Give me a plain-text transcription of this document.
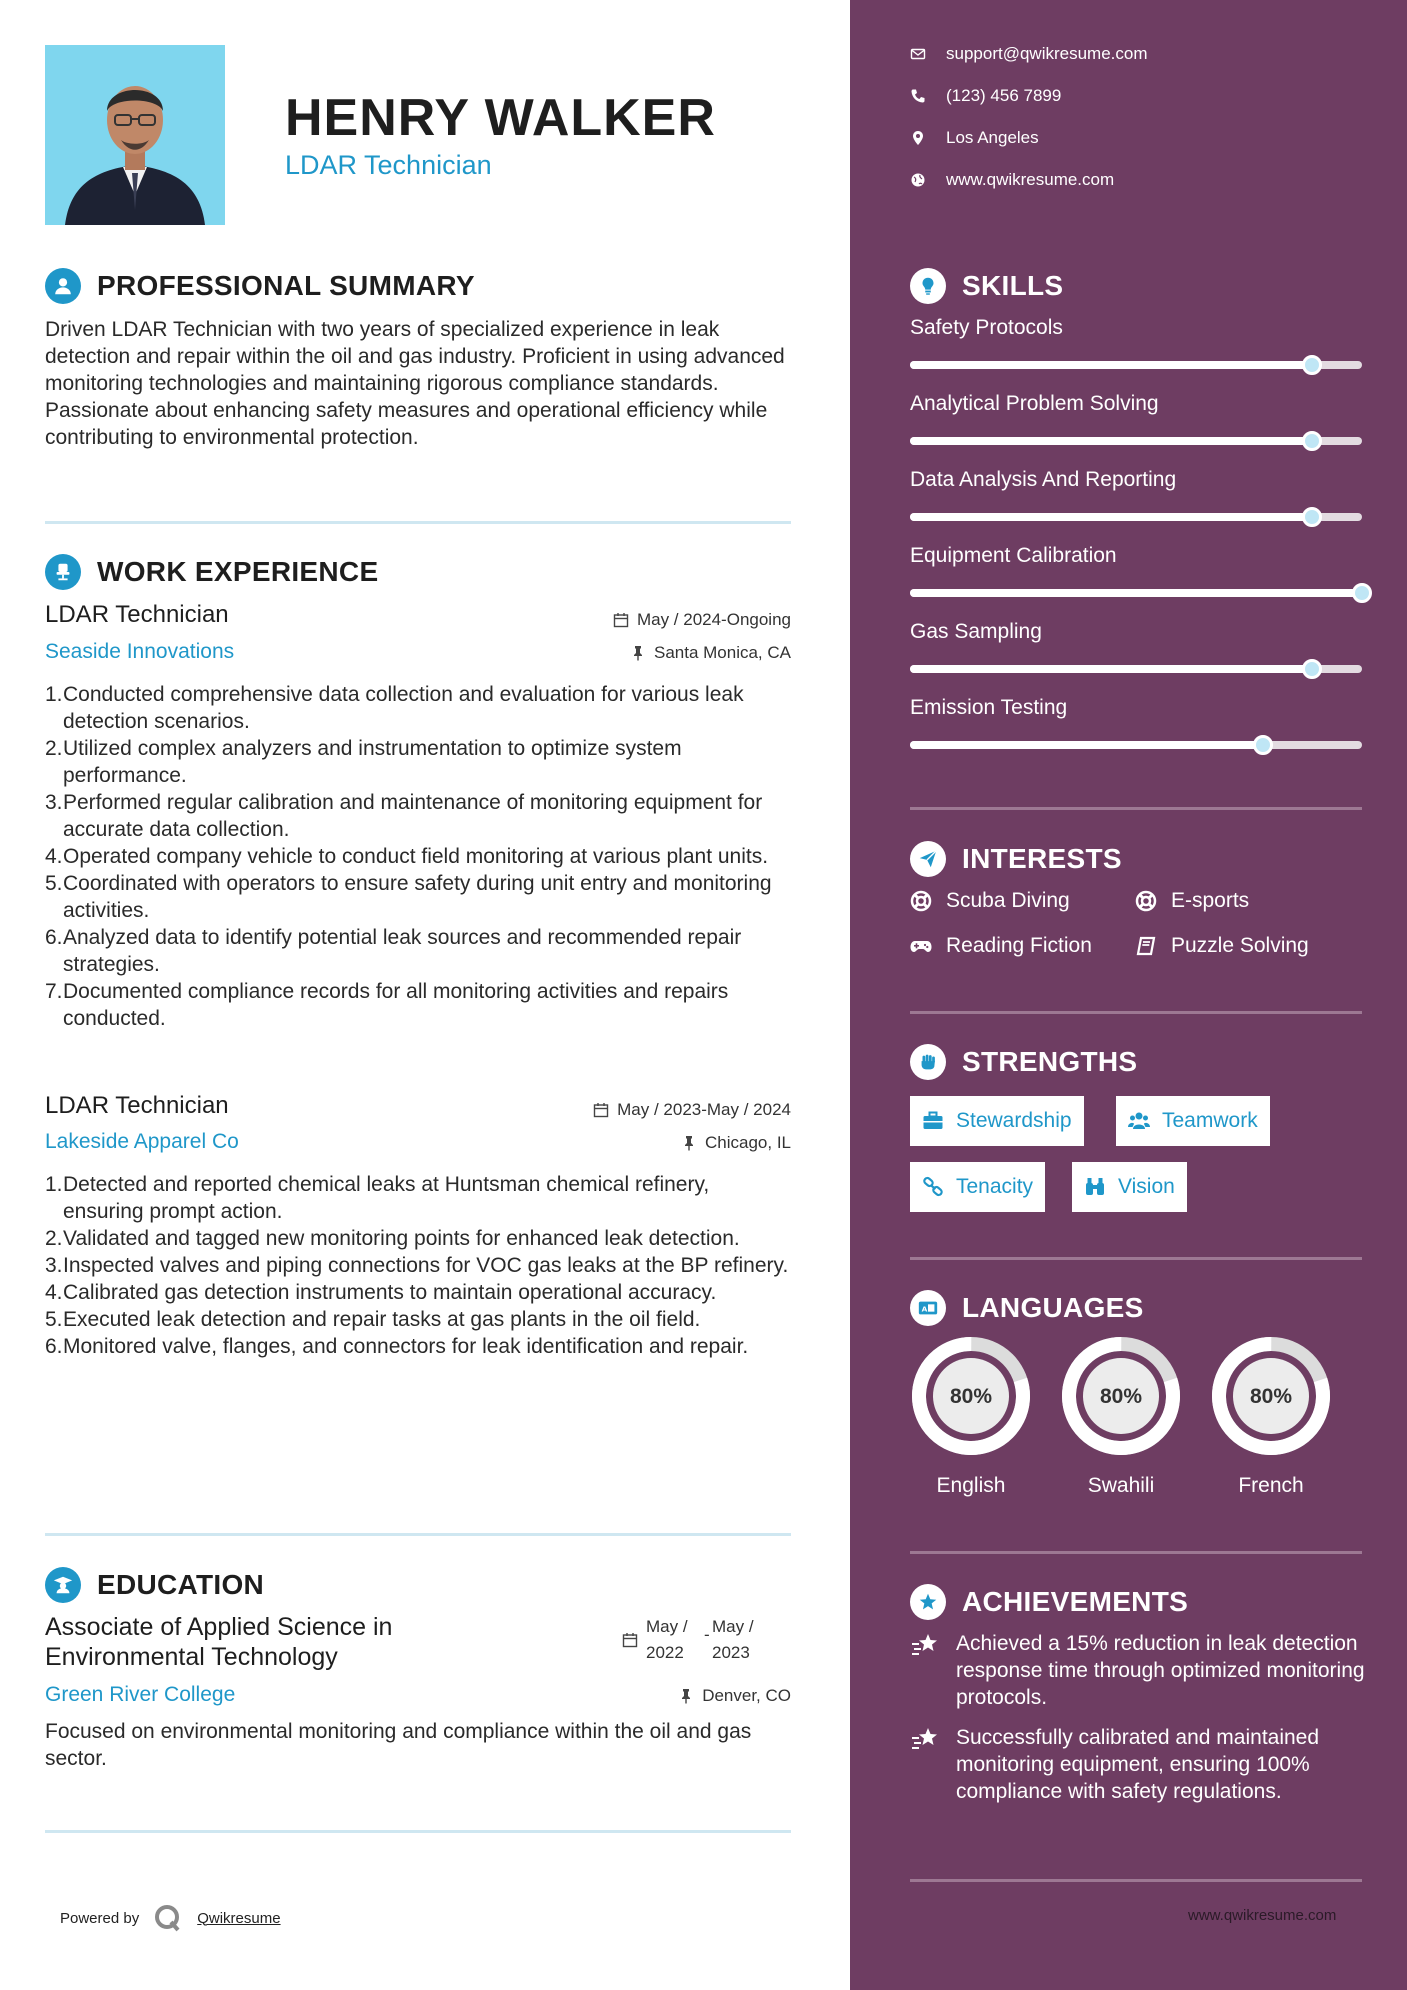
HENRY WALKER
LDAR Technician
PROFESSIONAL SUMMARY
Driven LDAR Technician with two years of specialized experience in leak detection and repair within the oil and gas industry. Proficient in using advanced monitoring technologies and maintaining rigorous compliance standards. Passionate about enhancing safety measures and operational efficiency while contributing to environmental protection.
WORK EXPERIENCE
LDAR Technician	May / 2024-Ongoing
Seaside Innovations	Santa Monica, CA
1. Conducted comprehensive data collection and evaluation for various leak detection scenarios.
2. Utilized complex analyzers and instrumentation to optimize system performance.
3. Performed regular calibration and maintenance of monitoring equipment for accurate data collection.
4. Operated company vehicle to conduct field monitoring at various plant units.
5. Coordinated with operators to ensure safety during unit entry and monitoring activities.
6. Analyzed data to identify potential leak sources and recommended repair strategies.
7. Documented compliance records for all monitoring activities and repairs conducted.
LDAR Technician	May / 2023-May / 2024
Lakeside Apparel Co	Chicago, IL
1. Detected and reported chemical leaks at Huntsman chemical refinery, ensuring prompt action.
2. Validated and tagged new monitoring points for enhanced leak detection.
3. Inspected valves and piping connections for VOC gas leaks at the BP refinery.
4. Calibrated gas detection instruments to maintain operational accuracy.
5. Executed leak detection and repair tasks at gas plants in the oil field.
6. Monitored valve, flanges, and connectors for leak identification and repair.
EDUCATION
Associate of Applied Science in Environmental Technology
May /
2022
- May /
2023
Green River College	Denver, CO
Focused on environmental monitoring and compliance within the oil and gas sector.
Powered by	Qwikresume
support@qwikresume.com
(123) 456 7899
Los Angeles
www.qwikresume.com
SKILLS
Safety Protocols
Analytical Problem Solving
Data Analysis And Reporting
Equipment Calibration
Gas Sampling
Emission Testing
INTERESTS
Scuba Diving	E-sports
Reading Fiction	Puzzle Solving
STRENGTHS
Stewardship	Teamwork
Tenacity	Vision
A LANGUAGES
80%
English
80%
Swahili
80%
French
ACHIEVEMENTS
Achieved a 15% reduction in leak detection response time through optimized monitoring protocols.
Successfully calibrated and maintained monitoring equipment, ensuring 100% compliance with safety regulations.
www.qwikresume.com
